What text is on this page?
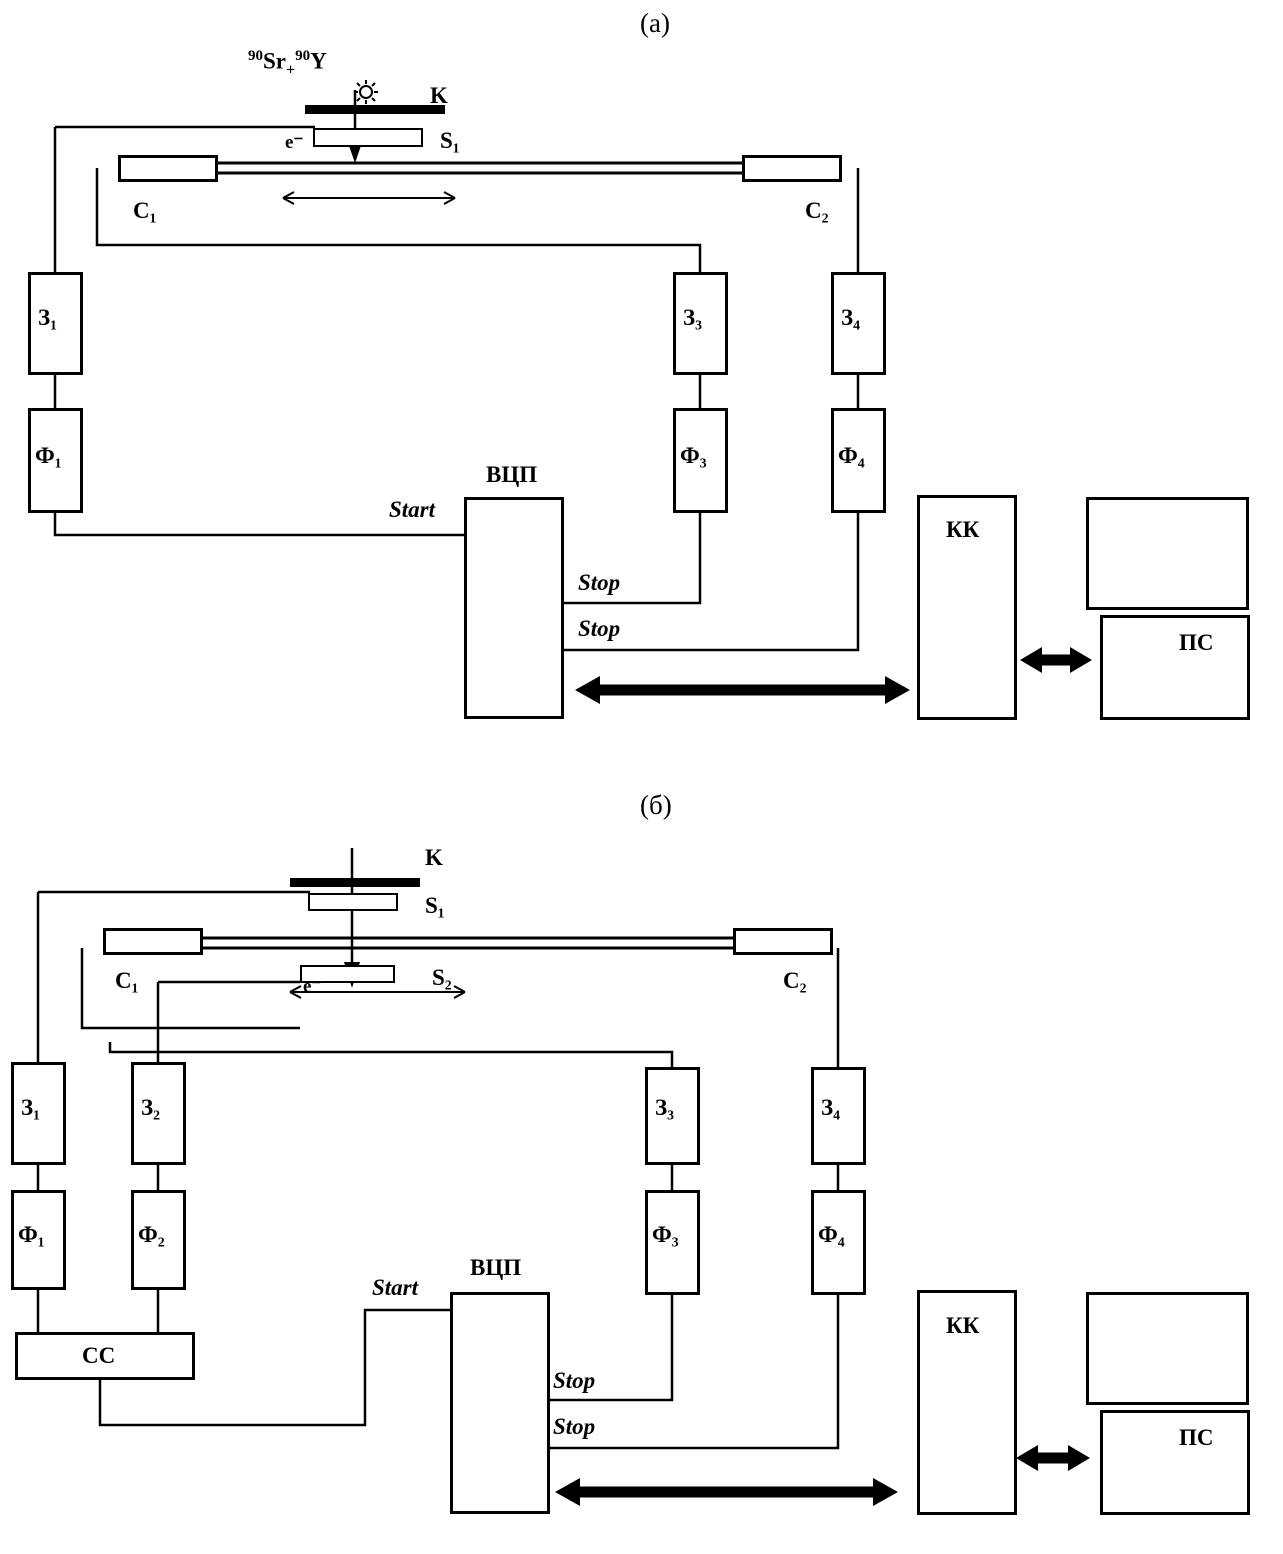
(а)
K
$^{90}Sr_+^{90}Y$
S₁
e⁻
C₁	C₂
З₁	З₃	З₄
Ф₁	Ф₃	Ф₄
ВЦП
КК
ПС
Start
Stop
Stop
(б)
K
S₁
S₂
e⁻
C₁	C₂
З₁	З₂	З₃	З₄
Ф₁	Ф₂	Ф₃	Ф₄
СС
ВЦП
КК
ПС
Start
Stop
Stop
